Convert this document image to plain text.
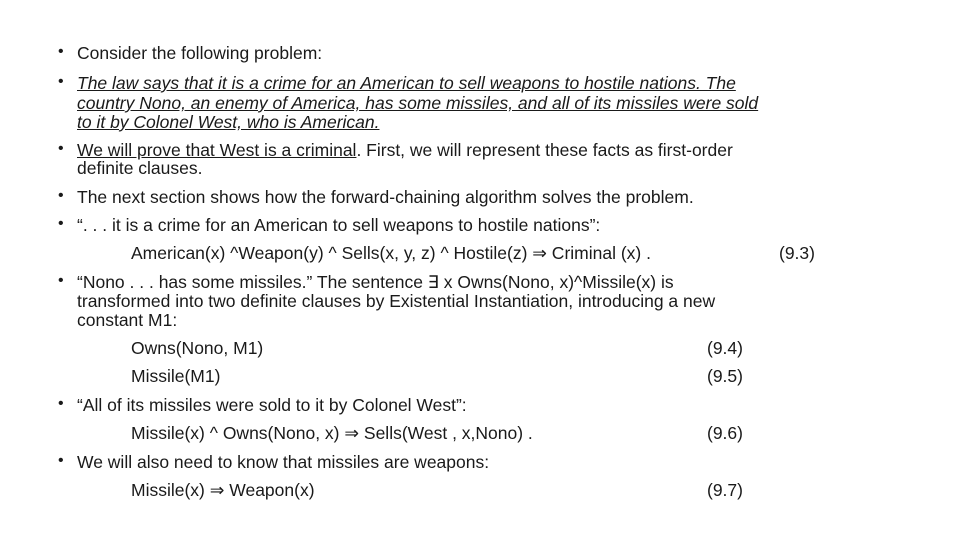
• Consider the following problem:
• The law says that it is a crime for an American to sell weapons to hostile nations. The
country Nono, an enemy of America, has some missiles, and all of its missiles were sold
to it by Colonel West, who is American.
• We will prove that West is a criminal. First, we will represent these facts as first-order
definite clauses.
• The next section shows how the forward-chaining algorithm solves the problem.
• “. . . it is a crime for an American to sell weapons to hostile nations”:
American(x) ^Weapon(y) ^ Sells(x, y, z) ^ Hostile(z) ⇒ Criminal (x) .	(9.3)
• “Nono . . . has some missiles.” The sentence ∃ x Owns(Nono, x)^Missile(x) is
transformed into two definite clauses by Existential Instantiation, introducing a new
constant M1:
Owns(Nono, M1)	(9.4)
Missile(M1)	(9.5)
• “All of its missiles were sold to it by Colonel West”:
Missile(x) ^ Owns(Nono, x) ⇒ Sells(West , x,Nono) .	(9.6)
• We will also need to know that missiles are weapons:
Missile(x) ⇒ Weapon(x)	(9.7)
